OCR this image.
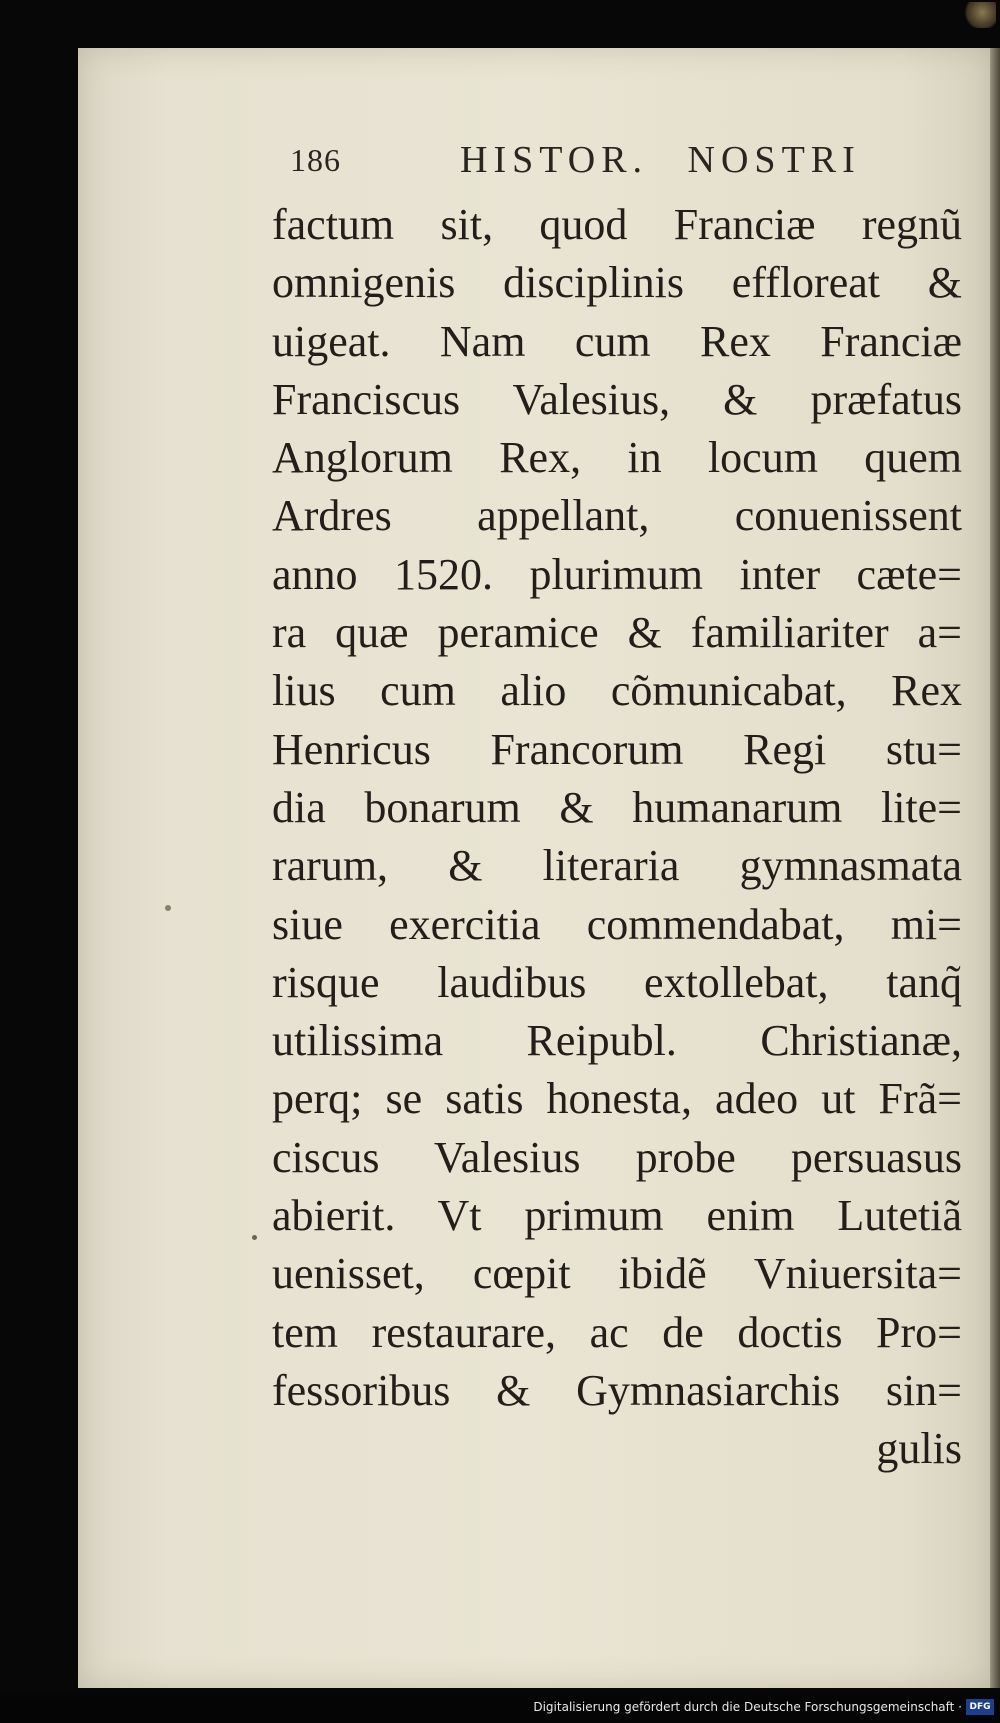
186	HISTOR. NOSTRI
factum sit, quod Franciæ regnũ
omnigenis disciplinis effloreat &
uigeat. Nam cum Rex Franciæ
Franciscus Valesius, & præfatus
Anglorum Rex, in locum quem
Ardres appellant, conuenissent
anno 1520. plurimum inter cæte=
ra quæ peramice & familiariter a=
lius cum alio cõmunicabat, Rex
Henricus Francorum Regi stu=
dia bonarum & humanarum lite=
rarum, & literaria gymnasmata
siue exercitia commendabat, mi=
risque laudibus extollebat, tanq̃
utilissima Reipubl. Christianæ,
perq; se satis honesta, adeo ut Frã=
ciscus Valesius probe persuasus
abierit. Vt primum enim Lutetiã
uenisset, cœpit ibidẽ Vniuersita=
tem restaurare, ac de doctis Pro=
fessoribus & Gymnasiarchis sin=
gulis
Digitalisierung gefördert durch die Deutsche Forschungsgemeinschaft · DFG
